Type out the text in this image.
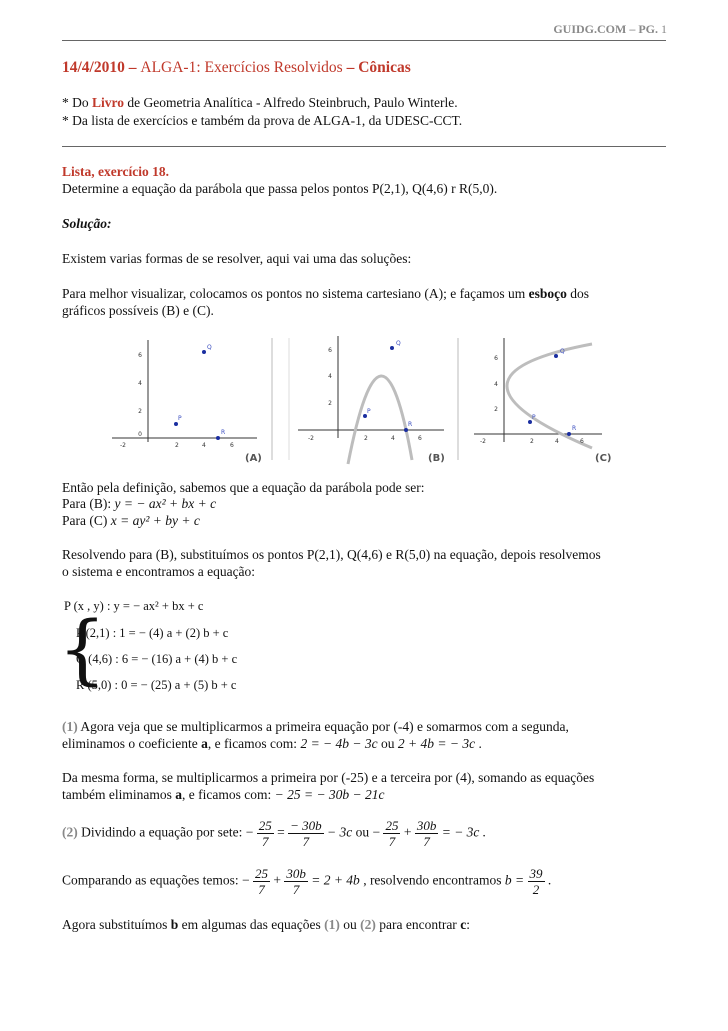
GUIDG.COM – PG. 1
14/4/2010 – ALGA-1: Exercícios Resolvidos – Cônicas
* Do Livro de Geometria Analítica - Alfredo Steinbruch, Paulo Winterle.
* Da lista de exercícios e também da prova de ALGA-1, da UDESC-CCT.
Lista, exercício 18.
Determine a equação da parábola que passa pelos pontos P(2,1), Q(4,6) r R(5,0).
Solução:
Existem varias formas de se resolver, aqui vai uma das soluções:
Para melhor visualizar, colocamos os pontos no sistema cartesiano (A); e façamos um esboço dos
gráficos possíveis (B) e (C).
6
4
2
0
-2	2	4	6
P
Q
R
(A)
6
4
2
-2	2	4	6
P
Q
R
(B)
6
4
2
-2	2	4	6
P
Q
R
(C)
Então pela definição, sabemos que a equação da parábola pode ser:
Para (B): y = − ax² + bx + c
Para (C) x = ay² + by + c
Resolvendo para (B), substituímos os pontos P(2,1), Q(4,6) e R(5,0) na equação, depois resolvemos
o sistema e encontramos a equação:
P (x , y) : y = − ax² + bx + c
{
P (2,1) : 1 = − (4) a + (2) b + c
Q (4,6) : 6 = − (16) a + (4) b + c
R (5,0) : 0 = − (25) a + (5) b + c
(1) Agora veja que se multiplicarmos a primeira equação por (-4) e somarmos com a segunda,
eliminamos o coeficiente a, e ficamos com: 2 = − 4b − 3c ou 2 + 4b = − 3c .
Da mesma forma, se multiplicarmos a primeira por (-25) e a terceira por (4), somando as equações
também eliminamos a, e ficamos com: − 25 = − 30b − 21c
(2) Dividindo a equação por sete: − $\frac{25}{7} = \frac{- 30b}{7} - 3c$ ou − $\frac{25}{7} + \frac{30b}{7}$ = − 3c .
Comparando as equações temos: − $\frac{25}{7} + \frac{30b}{7} = 2 + 4b$ , resolvendo encontramos $b = \frac{39}{2}$ .
Agora substituímos b em algumas das equações (1) ou (2) para encontrar c:
